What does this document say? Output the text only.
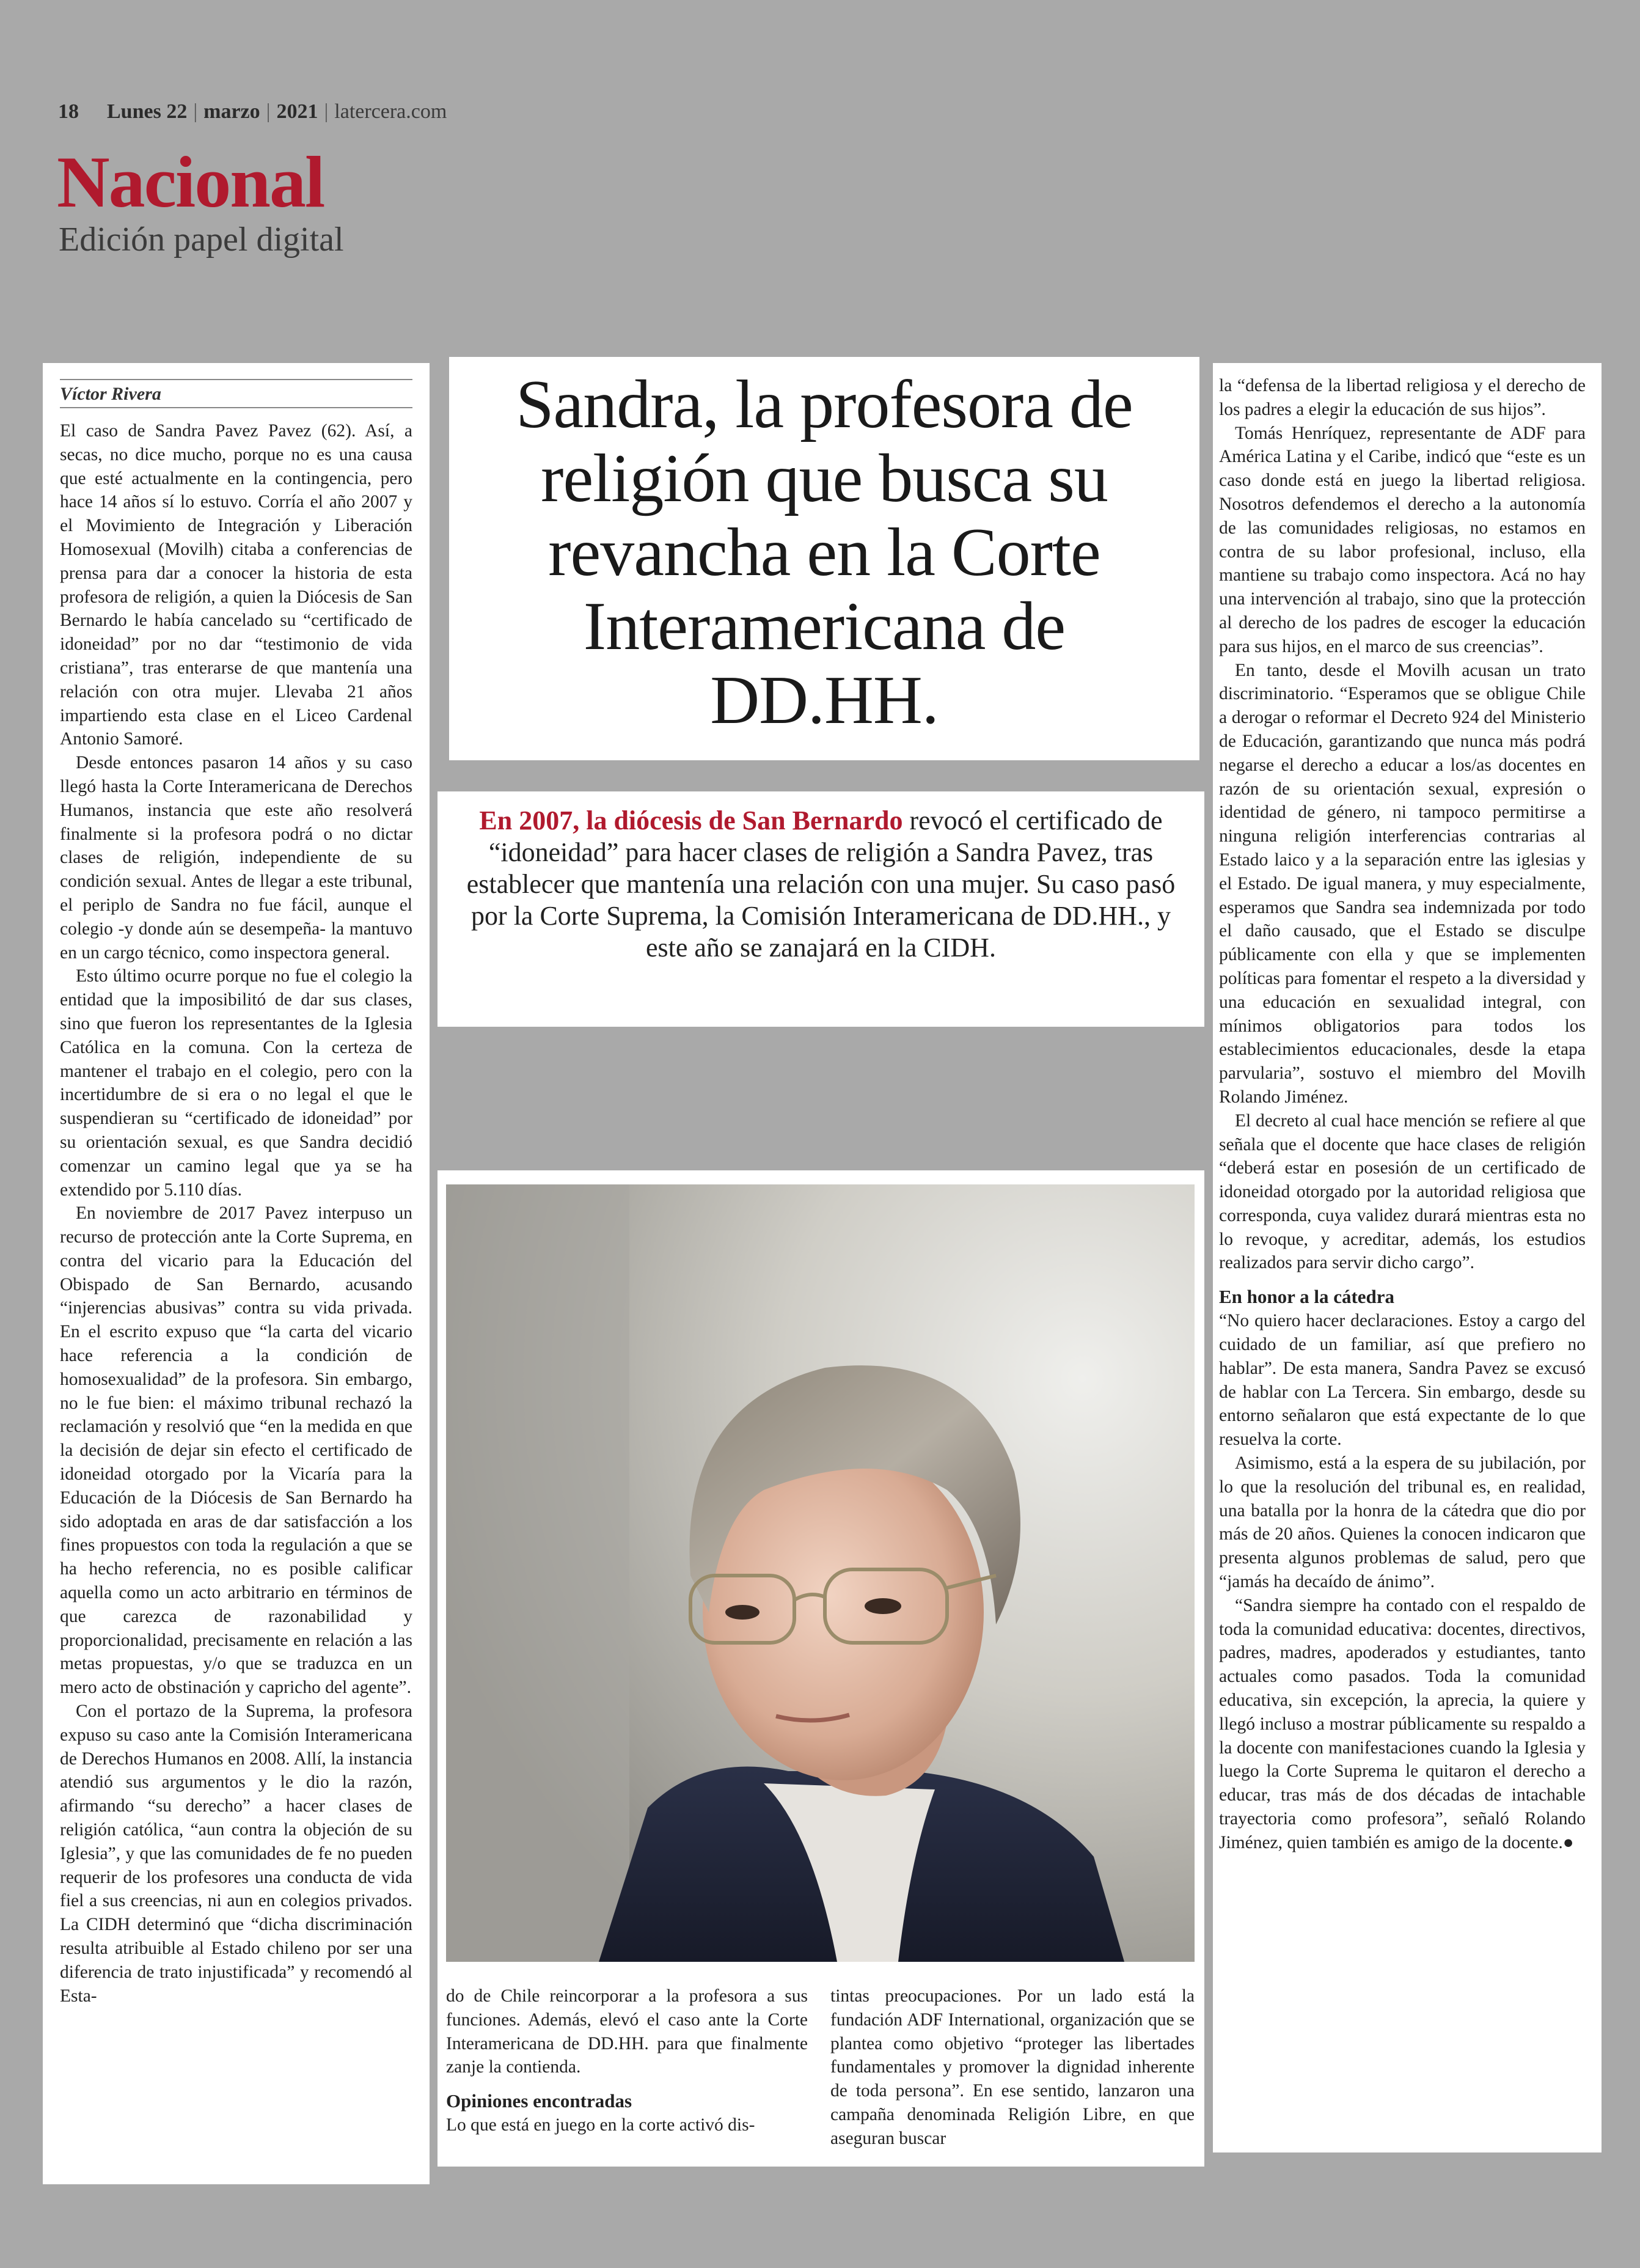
18 Lunes 22 | marzo | 2021 | latercera.com
Nacional
Edición papel digital
Víctor Rivera

El caso de Sandra Pavez Pavez (62). Así, a secas, no dice mucho, porque no es una causa que esté actualmente en la contingencia, pero hace 14 años sí lo estuvo. Corría el año 2007 y el Movimiento de Integración y Liberación Homosexual (Movilh) citaba a conferencias de prensa para dar a conocer la historia de esta profesora de religión, a quien la Diócesis de San Bernardo le había cancelado su “certificado de idoneidad” por no dar “testimonio de vida cristiana”, tras enterarse de que mantenía una relación con otra mujer. Llevaba 21 años impartiendo esta clase en el Liceo Cardenal Antonio Samoré.

Desde entonces pasaron 14 años y su caso llegó hasta la Corte Interamericana de Derechos Humanos, instancia que este año resolverá finalmente si la profesora podrá o no dictar clases de religión, independiente de su condición sexual. Antes de llegar a este tribunal, el periplo de Sandra no fue fácil, aunque el colegio -y donde aún se desempeña- la mantuvo en un cargo técnico, como inspectora general.

Esto último ocurre porque no fue el colegio la entidad que la imposibilitó de dar sus clases, sino que fueron los representantes de la Iglesia Católica en la comuna. Con la certeza de mantener el trabajo en el colegio, pero con la incertidumbre de si era o no legal el que le suspendieran su “certificado de idoneidad” por su orientación sexual, es que Sandra decidió comenzar un camino legal que ya se ha extendido por 5.110 días.

En noviembre de 2017 Pavez interpuso un recurso de protección ante la Corte Suprema, en contra del vicario para la Educación del Obispado de San Bernardo, acusando “injerencias abusivas” contra su vida privada. En el escrito expuso que “la carta del vicario hace referencia a la condición de homosexualidad” de la profesora. Sin embargo, no le fue bien: el máximo tribunal rechazó la reclamación y resolvió que “en la medida en que la decisión de dejar sin efecto el certificado de idoneidad otorgado por la Vicaría para la Educación de la Diócesis de San Bernardo ha sido adoptada en aras de dar satisfacción a los fines propuestos con toda la regulación a que se ha hecho referencia, no es posible calificar aquella como un acto arbitrario en términos de que carezca de razonabilidad y proporcionalidad, precisamente en relación a las metas propuestas, y/o que se traduzca en un mero acto de obstinación y capricho del agente”.

Con el portazo de la Suprema, la profesora expuso su caso ante la Comisión Interamericana de Derechos Humanos en 2008. Allí, la instancia atendió sus argumentos y le dio la razón, afirmando “su derecho” a hacer clases de religión católica, “aun contra la objeción de su Iglesia”, y que las comunidades de fe no pueden requerir de los profesores una conducta de vida fiel a sus creencias, ni aun en colegios privados. La CIDH determinó que “dicha discriminación resulta atribuible al Estado chileno por ser una diferencia de trato injustificada” y recomendó al Esta-

Sandra, la profesora de religión que busca su revancha en la Corte Interamericana de DD.HH.
En 2007, la diócesis de San Bernardo revocó el certificado de “idoneidad” para hacer clases de religión a Sandra Pavez, tras establecer que mantenía una relación con una mujer. Su caso pasó por la Corte Suprema, la Comisión Interamericana de DD.HH., y este año se zanajará en la CIDH.

do de Chile reincorporar a la profesora a sus funciones. Además, elevó el caso ante la Corte Interamericana de DD.HH. para que finalmente zanje la contienda.

Opiniones encontradas

Lo que está en juego en la corte activó dis-

tintas preocupaciones. Por un lado está la fundación ADF International, organización que se plantea como objetivo “proteger las libertades fundamentales y promover la dignidad inherente de toda persona”. En ese sentido, lanzaron una campaña denominada Religión Libre, en que aseguran buscar

la “defensa de la libertad religiosa y el derecho de los padres a elegir la educación de sus hijos”.

Tomás Henríquez, representante de ADF para América Latina y el Caribe, indicó que “este es un caso donde está en juego la libertad religiosa. Nosotros defendemos el derecho a la autonomía de las comunidades religiosas, no estamos en contra de su labor profesional, incluso, ella mantiene su trabajo como inspectora. Acá no hay una intervención al trabajo, sino que la protección al derecho de los padres de escoger la educación para sus hijos, en el marco de sus creencias”.

En tanto, desde el Movilh acusan un trato discriminatorio. “Esperamos que se obligue Chile a derogar o reformar el Decreto 924 del Ministerio de Educación, garantizando que nunca más podrá negarse el derecho a educar a los/as docentes en razón de su orientación sexual, expresión o identidad de género, ni tampoco permitirse a ninguna religión interferencias contrarias al Estado laico y a la separación entre las iglesias y el Estado. De igual manera, y muy especialmente, esperamos que Sandra sea indemnizada por todo el daño causado, que el Estado se disculpe públicamente con ella y que se implementen políticas para fomentar el respeto a la diversidad y una educación en sexualidad integral, con mínimos obligatorios para todos los establecimientos educacionales, desde la etapa parvularia”, sostuvo el miembro del Movilh Rolando Jiménez.

El decreto al cual hace mención se refiere al que señala que el docente que hace clases de religión “deberá estar en posesión de un certificado de idoneidad otorgado por la autoridad religiosa que corresponda, cuya validez durará mientras esta no lo revoque, y acreditar, además, los estudios realizados para servir dicho cargo”.

En honor a la cátedra

“No quiero hacer declaraciones. Estoy a cargo del cuidado de un familiar, así que prefiero no hablar”. De esta manera, Sandra Pavez se excusó de hablar con La Tercera. Sin embargo, desde su entorno señalaron que está expectante de lo que resuelva la corte.

Asimismo, está a la espera de su jubilación, por lo que la resolución del tribunal es, en realidad, una batalla por la honra de la cátedra que dio por más de 20 años. Quienes la conocen indicaron que presenta algunos problemas de salud, pero que “jamás ha decaído de ánimo”.

“Sandra siempre ha contado con el respaldo de toda la comunidad educativa: docentes, directivos, padres, madres, apoderados y estudiantes, tanto actuales como pasados. Toda la comunidad educativa, sin excepción, la aprecia, la quiere y llegó incluso a mostrar públicamente su respaldo a la docente con manifestaciones cuando la Iglesia y luego la Corte Suprema le quitaron el derecho a educar, tras más de dos décadas de intachable trayectoria como profesora”, señaló Rolando Jiménez, quien también es amigo de la docente.●
